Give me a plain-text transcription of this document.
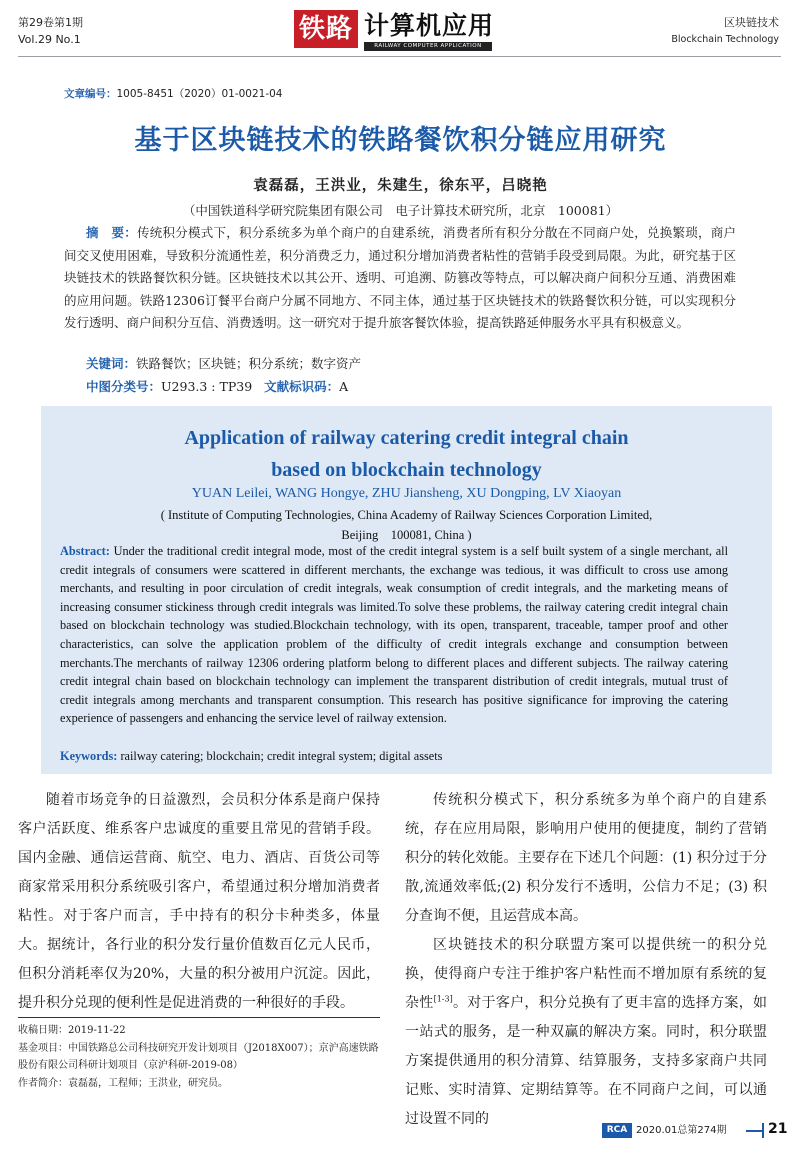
第29卷第1期
Vol.29 No.1	铁路 计算机应用
RAILWAY COMPUTER APPLICATION
区块链技术
Blockchain Technology
文章编号：1005-8451（2020）01-0021-04
基于区块链技术的铁路餐饮积分链应用研究
袁磊磊，王洪业，朱建生，徐东平，吕晓艳
（中国铁道科学研究院集团有限公司　电子计算技术研究所，北京　100081）
摘　要：传统积分模式下，积分系统多为单个商户的自建系统，消费者所有积分分散在不同商户处，兑换繁琐，商户间交叉使用困难，导致积分流通性差，积分消费乏力，通过积分增加消费者粘性的营销手段受到局限。为此，研究基于区块链技术的铁路餐饮积分链。区块链技术以其公开、透明、可追溯、防篡改等特点，可以解决商户间积分互通、消费困难的应用问题。铁路12306订餐平台商户分属不同地方、不同主体，通过基于区块链技术的铁路餐饮积分链，可以实现积分发行透明、商户间积分互信、消费透明。这一研究对于提升旅客餐饮体验，提高铁路延伸服务水平具有积极意义。
关键词：铁路餐饮；区块链；积分系统；数字资产
中图分类号：U293.3 : TP39 文献标识码：A
Application of railway catering credit integral chain
based on blockchain technology
YUAN Leilei, WANG Hongye, ZHU Jiansheng, XU Dongping, LV Xiaoyan
( Institute of Computing Technologies, China Academy of Railway Sciences Corporation Limited,
Beijing　100081, China )
Abstract: Under the traditional credit integral mode, most of the credit integral system is a self built system of a single merchant, all credit integrals of consumers were scattered in different merchants, the exchange was tedious, it was difficult to cross use among merchants, and resulting in poor circulation of credit integrals, weak consumption of credit integrals, and the marketing means of increasing consumer stickiness through credit integrals was limited.To solve these problems, the railway catering credit integral chain based on blockchain technology was studied.Blockchain technology, with its open, transparent, traceable, tamper proof and other characteristics, can solve the application problem of the difficulty of credit integrals exchange and consumption between merchants.The merchants of railway 12306 ordering platform belong to different places and different subjects. The railway catering credit integral chain based on blockchain technology can implement the transparent distribution of credit integrals, mutual trust of credit integrals among merchants and transparent consumption. This research has positive significance for improving the catering experience of passengers and enhancing the service level of railway extension.
Keywords: railway catering; blockchain; credit integral system; digital assets

随着市场竞争的日益激烈，会员积分体系是商户保持客户活跃度、维系客户忠诚度的重要且常见的营销手段。国内金融、通信运营商、航空、电力、酒店、百货公司等商家常采用积分系统吸引客户，希望通过积分增加消费者粘性。对于客户而言，手中持有的积分卡种类多，体量大。据统计，各行业的积分发行量价值数百亿元人民币，但积分消耗率仅为20%，大量的积分被用户沉淀。因此，提升积分兑现的便利性是促进消费的一种很好的手段。

传统积分模式下，积分系统多为单个商户的自建系统，存在应用局限，影响用户使用的便捷度，制约了营销积分的转化效能。主要存在下述几个问题：(1) 积分过于分散,流通效率低;(2) 积分发行不透明，公信力不足；(3) 积分查询不便，且运营成本高。

区块链技术的积分联盟方案可以提供统一的积分兑换，使得商户专注于维护客户粘性而不增加原有系统的复杂性[1-3]。对于客户，积分兑换有了更丰富的选择方案，如一站式的服务，是一种双赢的解决方案。同时，积分联盟方案提供通用的积分清算、结算服务，支持多家商户共同记账、实时清算、定期结算等。在不同商户之间，可以通过设置不同的

收稿日期：2019-11-22
基金项目：中国铁路总公司科技研究开发计划项目（J2018X007）；京沪高速铁路股份有限公司科研计划项目（京沪科研-2019-08）
作者简介：袁磊磊，工程师；王洪业，研究员。
RCA 2020.01总第274期	21
